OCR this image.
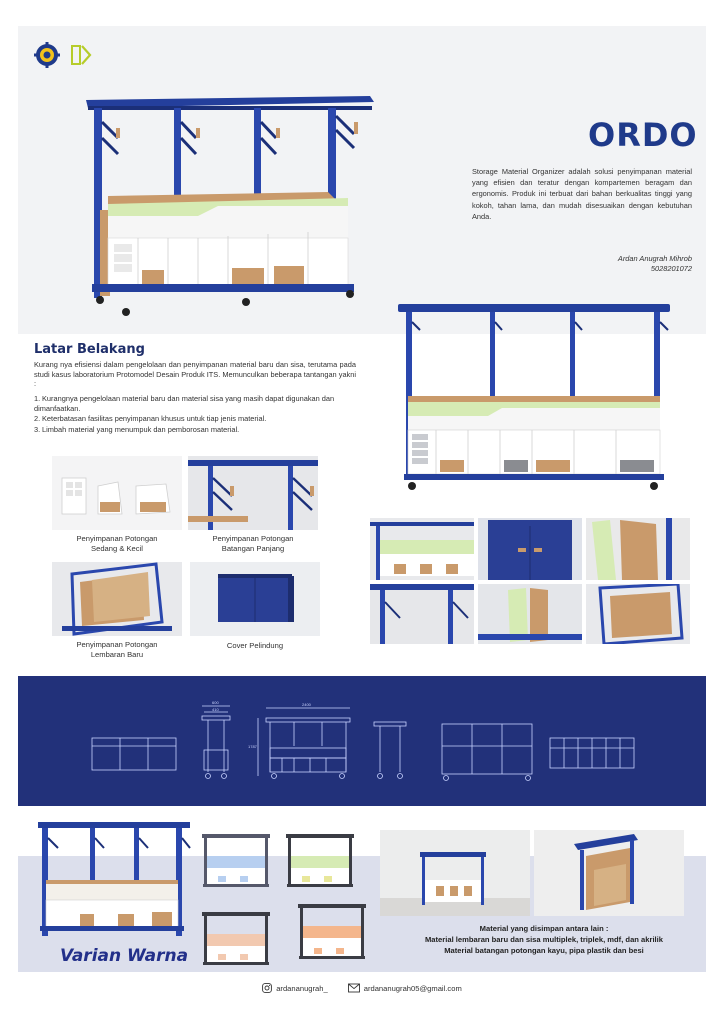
ORDO

Storage Material Organizer adalah solusi penyimpanan material yang efisien dan teratur dengan kompartemen beragam dan ergonomis. Produk ini terbuat dari bahan berkualitas tinggi yang kokoh, tahan lama, dan mudah disesuaikan dengan kebutuhan Anda.

Ardan Anugrah Mihrob
5028201072
Latar Belakang

Kurang nya efisiensi dalam pengelolaan dan penyimpanan material baru dan sisa, terutama pada studi kasus laboratorium Protomodel Desain Produk ITS. Memunculkan beberapa tantangan yakni :

1. Kurangnya pengelolaan material baru dan material sisa yang masih dapat digunakan dan dimanfaatkan.
2. Keterbatasan fasilitas penyimpanan khusus untuk tiap jenis material.
3. Limbah material yang menumpuk dan pemborosan material.
Penyimpanan Potongan
Sedang & Kecil
Penyimpanan Potongan
Batangan Panjang
Penyimpanan Potongan
Lembaran Baru
Cover Pelindung
600
410
2400
1787
Varian Warna
Material yang disimpan antara lain :
Material lembaran baru dan sisa multiplek, triplek, mdf, dan akrilik
Material batangan potongan kayu, pipa plastik dan besi
ardananugrah_	ardananugrah05@gmail.com
